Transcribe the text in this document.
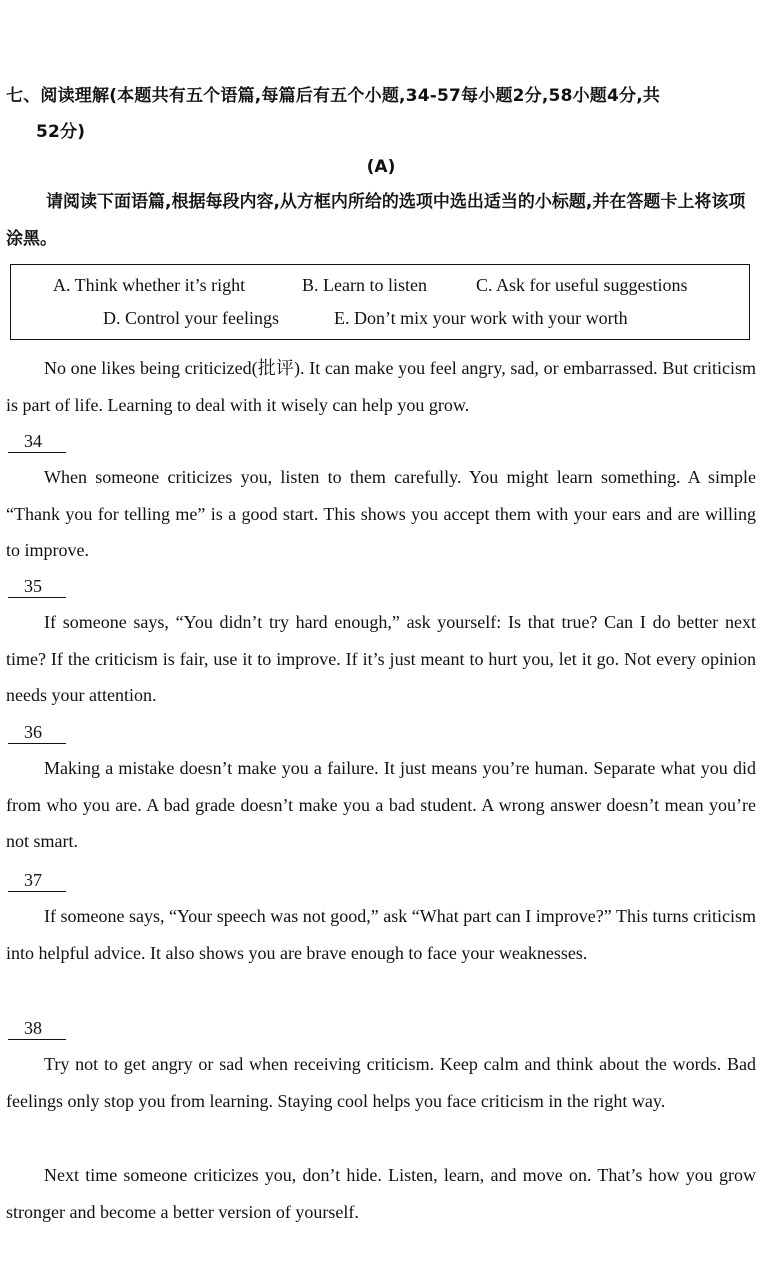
七、阅读理解(本题共有五个语篇,每篇后有五个小题,34-57每小题2分,58小题4分,共
52分)
(A)
请阅读下面语篇,根据每段内容,从方框内所给的选项中选出适当的小标题,并在答题卡上将该项涂黑。
A. Think whether it’s right	B. Learn to listen	C. Ask for useful suggestions
D. Control your feelings	E. Don’t mix your work with your worth
No one likes being criticized(批评). It can make you feel angry, sad, or embarrassed. But criticism is part of life. Learning to deal with it wisely can help you grow.
34
When someone criticizes you, listen to them carefully. You might learn something. A simple “Thank you for telling me” is a good start. This shows you accept them with your ears and are willing to improve.
35
If someone says, “You didn’t try hard enough,” ask yourself: Is that true? Can I do better next time? If the criticism is fair, use it to improve. If it’s just meant to hurt you, let it go. Not every opinion needs your attention.
36
Making a mistake doesn’t make you a failure. It just means you’re human. Separate what you did from who you are. A bad grade doesn’t make you a bad student. A wrong answer doesn’t mean you’re not smart.
37
If someone says, “Your speech was not good,” ask “What part can I improve?” This turns criticism into helpful advice. It also shows you are brave enough to face your weaknesses.
38
Try not to get angry or sad when receiving criticism. Keep calm and think about the words. Bad feelings only stop you from learning. Staying cool helps you face criticism in the right way.
Next time someone criticizes you, don’t hide. Listen, learn, and move on. That’s how you grow stronger and become a better version of yourself.
